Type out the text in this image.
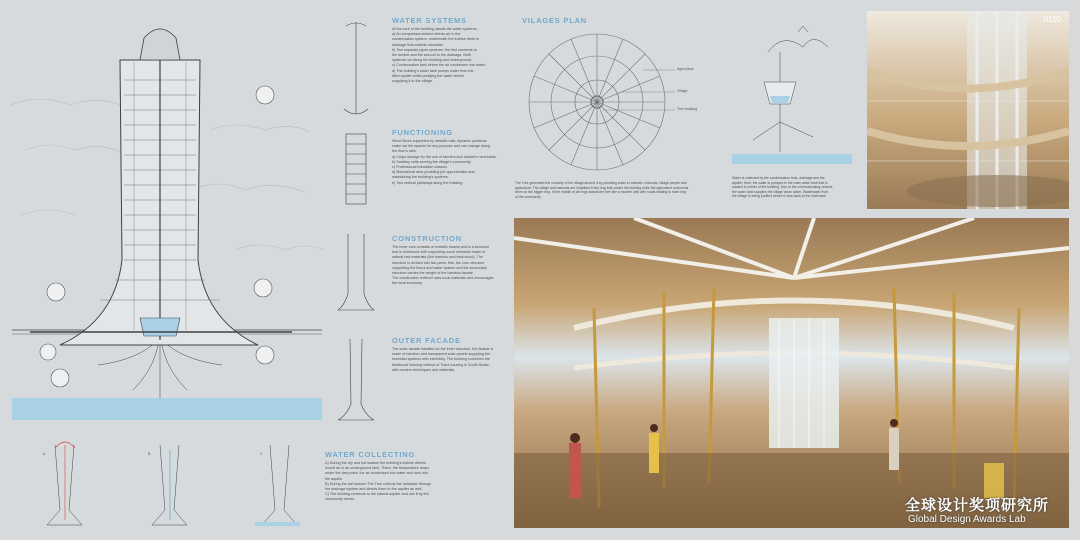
A	B	C
WATER SYSTEMS
At the core of the building stands the water systems:
a) An compressor-turbine directs air in the
condensation system, underneath the turbine there is
drainage that collects rainwater.
b) Two separate pipes systems: the first connects to
the turbine and the second to the drainage. Both
systems run along the building and underground.
c) Condensation tank where the air condenses into water.
d) The building's water tank pumps water from the
filled aquifer while purifying the water before
supplying it to the village.
FUNCTIONING
Wood floors supported by metallic rails, dynamic positions
make out the spaces for any purpose and can change along
the floor's rails.
a) Crops storage for the use of farmers and market's merchants.
b) Sanitary units serving the village's community.
c) Professional education classes.
d) Mechanical area providing job opportunities and
maintaining the building's systems.
e) Two vertical pathways along the building.
CONSTRUCTION
The inner core consists of metallic beams and is a structure
that is reinforced with supporting wood elements made of
natural raw materials (like bamboo and teak wood). The
structure is divided into two parts: first, the core structure
supporting the floors and water system and the secondary
structure carries the weight of the bamboo facade.
The construction method uses local materials and encourages
the local economy.
OUTER FACADE
The outer facade installed on the inner structure, the facade is
made of bamboo and transparent solar panels supplying the
essential systems with electricity. The building combines the
traditional housing method of Tukul housing in South Sudan
with modern techniques and materials.
WATER COLLECTING
A) During the dry and hot season the building's turbine directs
humid air in an underground tank. There, the temperature drops
under the dew point; the air condenses into water and runs into
the aquifer.
B) During the wet season The Tree collects the rainwater through
the drainage system and directs them to the aquifer as well.
C) The building connects to the natural aquifer and use it by the
community needs.
VILAGES PLAN
Agriculture
Village
Tree building
The Tree generates the curiosity of the village around it by providing water to animals, manuals, village people and
agriculture. The village and manuals are inhabited in the ring that circles the building while the agriculture surrounds
them on the bigger ring. In the middle of all rings stands the tree like a modern well with roads leading to each ring
of the community.
Water is collected by the condensation tank, drainage and the
aquifer; then, the water is pumped to the main water tank that is
located in center of the building. Due to the communicating vessels
the water tank supplies the village clean water. Wastewater from
the village is being purified before it runs back to the main tank.
0110
全球设计奖项研究所
Global Design Awards Lab
